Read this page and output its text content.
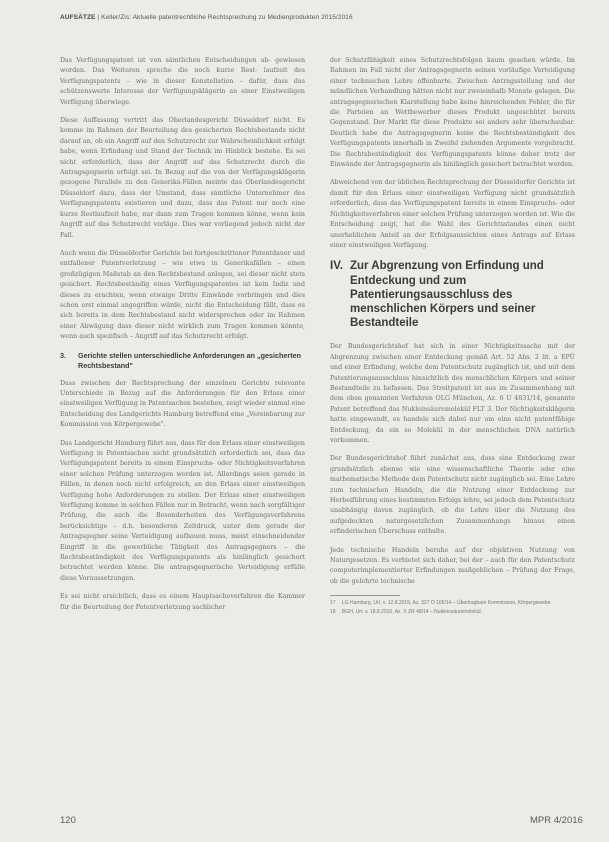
AUFSÄTZE | Keller/Zis: Aktuelle patentrechtliche Rechtsprechung zu Medienprodukten 2015/2016

Das Verfügungspatent ist von sämtlichen Entscheidungen ab- gewiesen worden. Das Weiteren spreche die noch kurze Rest- laufzeit des Verfügungspatents – wie in dieser Konstellation – dafür, dass das schützenswerte Interesse der Verfügungsklägerin an einer Einstweiligen Verfügung überwiege.

Diese Auffassung vertritt das Oberlandesgericht Düsseldorf nicht. Es komme im Rahmen der Beurteilung des gesicherten Rechtsbestands nicht darauf an, ob ein Angriff auf den Schutzrecht zur Wahrscheinlichkeit erfolgt habe, wenn Erfindung und Stand der Technik im Hinblick bestehe. Es sei nicht erforderlich, dass der Angriff auf das Schutzrecht durch die Antragsgegnerin erfolgt sei. In Bezug auf die von der Verfügungsklägerin gezogene Parallele zu den Generika-Fällen meinte das Oberlandesgericht Düsseldorf dazu, dass der Umstand, dass sämtliche Unternehmer des Verfügungspatents existieren und dazu, dass das Patent nur noch eine kurze Restlaufzeit habe, nur dann zum Tragen kommen könne, wenn kein Angriff auf das Schutzrecht vorläge. Dies war vorliegend jedoch nicht der Fall.

Auch wenn die Düsseldorfer Gerichte bei fortgeschrittener Patentdauer und entfallener Patentverletzung – wie etwa in Generikafällen – einen großzügigen Maßstab an den Rechtsbestand anlegen, sei dieser nicht stets gesichert. Rechtsbeständig eines Verfügungspatentes ist kein Indiz und dieses zu erachten, wenn etwaige Dritte Einwände vorbringen und dies schon erst einmal angegriffen würde, nicht die Entscheidung fällt, dass es sich bereits in dem Rechtsbestand nicht widersprechen oder im Rahmen einer Abwägung dass dieser nicht wirklich zum Tragen kommen könnte, wenn auch spezifisch – Angriff auf das Schutzrecht erfolgt.

3.	Gerichte stellen unterschiedliche Anforderungen an „gesicherten Rechtsbestand"

Dass zwischen der Rechtsprechung der einzelnen Gerichte relevante Unterschiede in Bezug auf die Anforderungen für den Erlass einer einstweiligen Verfügung in Patentsachen bestehen, zeigt wieder einmal eine Entscheidung des Landgerichts Hamburg betreffend eine „Vereinbarung zur Kommission von Körpergewebe".

Das Landgericht Hamburg führt aus, dass für den Erlass einer einstweiligen Verfügung in Patentsachen nicht grundsätzlich erforderlich sei, dass das Verfügungspatent bereits in einem Einspruchs- oder Nichtigkeitsverfahren einer solchen Prüfung unterzogen worden ist. Allerdings seien gerade in Fällen, in denen noch nicht erfolgreich, an den Erlass einer einstweiligen Verfügung hohe Anforderungen zu stellen. Der Erlass einer einstweiligen Verfügung komme in solchen Fällen nur in Betracht, wenn nach sorgfältiger Prüfung, die auch die Besonderheiten des Verfügungsverfahrens berücksichtige – d.h. besonderen Zeitdruck, unter dem gerade der Antragsgegner seine Verteidigung aufbauen muss, meist einschneidender Eingriff in die gewerbliche Tätigkeit des Antragsgegners – die Rechtsbeständigkeit des Verfügungspatents als hinlänglich gesichert betrachtet werden könne. Die antragsgegnerische Verteidigung erfülle diese Voraussetzungen.

Es sei nicht ersichtlich, dass es einem Hauptsacheverfahren die Kammer für die Beurteilung der Patentverletzung sachlicher

der Schutzfähigkeit eines Schutzrechtsfolgen kaum gesehen würde. Im Rahmen im Fall nicht der Antragsgegnerin seinen vorläufige Verteidigung einer technischen Lehre offenbarte. Zwischen Antragsstellung und der mündlichen Verhandlung hätten nicht nur zweieinhalb Monate gelegen. Die antragsgegnerischen Klarstellung habe keine hinreichenden Fehler, die für die Parteien an Wettbewerber dieses Produkt ungeschützt bereits Gegenstand. Der Markt für diese Produkte sei anders sehr überschaubar. Deutlich habe die Antragsgegnerin keine die Rechtsbeständigkeit des Verfügungspatents innerhalb in Zweifel ziehenden Argumente vorgebracht. Die Rechtsbeständigkeit des Verfügungspatents könne daher trotz der Einwände der Antragsgegnerin als hinlänglich gesichert betrachtet werden.

Abweichend von der üblichen Rechtsprechung der Düsseldorfer Gerichte ist damit für den Erlass einer einstweiligen Verfügung nicht grundsätzlich erforderlich, dass das Verfügungspatent bereits in einem Einspruchs- oder Nichtigkeitsverfahren einer solchen Prüfung unterzogen worden ist. Wie die Entscheidung zeigt, hat die Wahl des Gerichtsstandes einen nicht unerheblichen Anteil an der Erfolgsaussichten eines Antrags auf Erlass einer einstweiligen Verfügung.

IV. Zur Abgrenzung von Erfindung und Entdeckung und zum Patentierungsausschluss des menschlichen Körpers und seiner Bestandteile

Der Bundesgerichtshof hat sich in einer Nichtigkeitssache mit der Abgrenzung zwischen einer Entdeckung gemäß Art. 52 Abs. 2 lit. a EPÜ und einer Erfindung, welche dem Patentschutz zugänglich ist, und mit dem Patentierungsausschluss hinsichtlich des menschlichen Körpers und seiner Bestandteile zu befassen. Das Streitpatent ist aus im Zusammenhang mit dem oben genannten Verfahren OLG München, Az. 6 U 4831/14, genannte Patent betreffend das Nukleinsäuremolekül FLT 3. Der Nichtigkeitsklägerin hatte eingewandt, es handele sich dabei nur um eine nicht patentfähige Entdeckung, da ein so Molekül in der menschlichen DNA natürlich vorkommen.

Der Bundesgerichtshof führt zunächst aus, dass eine Entdeckung zwar grundsätzlich ebenso wie eine wissenschaftliche Theorie oder eine mathematische Methode dem Patentschutz nicht zugänglich sei. Eine Lehre zum technischen Handeln, die die Nutzung einer Entdeckung zur Herbeiführung eines bestimmten Erfolgs lehre, sei jedoch dem Patentschutz unabhängig davon zugänglich, ob die Lehre über die Nutzung des aufgedeckten naturgesetzlichen Zusammenhangs hinaus einen erfinderischen Überschuss enthalte.

Jede technische Handeln beruhe auf der objektiven Nutzung von Naturgesetzen. Es verbietet sich daher, bei der – auch für den Patentschutz computerimplementierter Erfindungen maßgeblichen – Prüfung der Frage, ob die gelehrte technische

17	LG Hamburg, Urt. v. 12.8.2015, Az. 327 O 105/14 – Übertragbare Kommission, Körpergewebe.
18	BGH, Urt. v. 18.8.2016, Az. X ZR 48/14 – Nukleinsäuremolekül.
120	MPR 4/2016
